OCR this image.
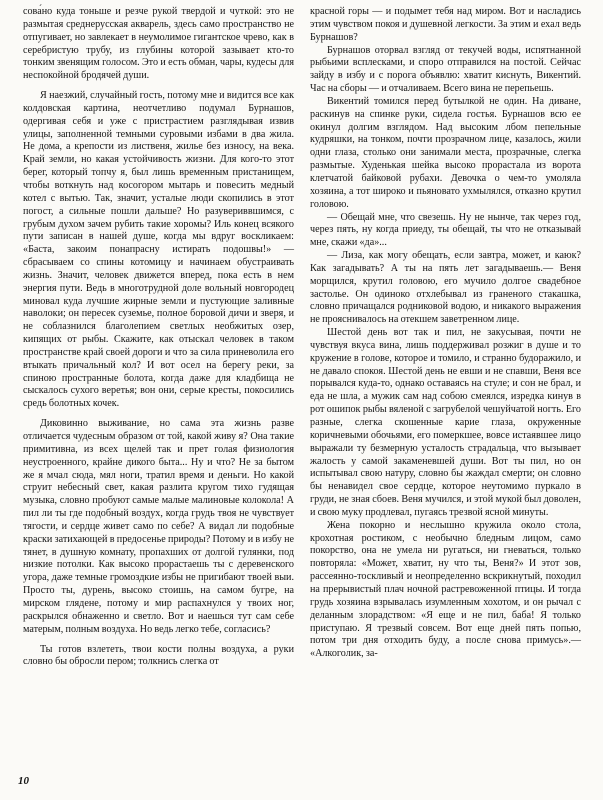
сова́но куда тоньше и резче рукой твердой и чуткой: это не размытая среднерусская акварель, здесь само пространство не отпугивает, но завлекает в неумолимое гигантское чрево, как в серебристую трубу, из глубины которой зазывает кто-то тонким звенящим голосом. Это и есть обман, чары, кудесы для неспокойной бродячей души.

Я наезжий, случайный гость, потому мне и видится все как колдовская картина, неотчетливо подумал Бурнашов, одергивая себя и уже с пристрастием разглядывая извив улицы, заполненной темными суровыми избами в два жила. Не дома, а крепости из лиственя, жилье без износу, на века. Край земли, но какая устойчивость жизни. Для кого-то этот берег, который топчу я, был лишь временным пристанищем, чтобы воткнуть над косогором мытарь и повесить медный котел с вытью. Так, значит, усталые люди скопились в этот погост, а сильные пошли дальше? Но разувериввшимся, с грубым духом зачем рубить такие хоромы? Иль конец всякого пути записан в нашей душе, когда мы вдруг воскликаем: «Баста, закоим понапрасну истирать подошвы!» — сбрасываем со спины котомицу и начинаем обустраивать жизнь. Значит, человек движется вперед, пока есть в нем энергия пути. Ведь в многотрудной доле вольный новгородец миновал куда лучшие жирные земли и пустующие заливные наволоки; он пересек суземье, полное боровой дичи и зверя, и не соблазнился благолепием светлых необжитых озер, кипящих от рыбы. Скажите, как отыскал человек в таком пространстве край своей дороги и что за сила приневолила его втыкать причальный кол? И вот осел на берегу реки, за спиною пространные болота, когда даже для кладбища не сыскалось сухого веретья; вон они, серые кресты, покосились средь болотных кочек.

Диковинно выживание, но сама эта жизнь разве отличается чудесным образом от той, какой живу я? Она такие примитивна, из всех щелей так и прет голая физиология неустроенного, крайне дикого быта... Ну и что? Не за бытом же я мчал сюда, мял ноги, тратил время и деньги. Но какой струит небесный свет, какая разлита кругом тихо гудящая музыка, словно пробуют самые малые малиновые колокола! А пил ли ты где подобный воздух, когда грудь твоя не чувствует тягости, и сердце живет само по себе? А видал ли подобные краски затихающей в предосенье природы? Потому и в избу не тянет, в душную комнату, пропахших от долгой гулянки, под низкие потолки. Как высоко прорастаешь ты с деревенского угора, даже темные громоздкие избы не пригибают твоей выи. Просто ты, дурень, высоко стоишь, на самом бугре, на мирском глядене, потому и мир распахнулся у твоих ног, раскрылся обнаженно и светло. Вот и наешься тут сам себе матерым, полным воздуха. Но ведь легко тебе, согласись?

Ты готов взлететь, твои кости полны воздуха, а руки словно бы обросли пером; толкнись слегка от

красной горы — и подымет тебя над миром. Вот и насладись этим чувством покоя и душевной легкости. За этим и ехал ведь Бурнашов?

Бурнашов оторвал взгляд от текучей воды, испятнанной рыбьими всплесками, и споро отправился на постой. Сейчас зайду в избу и с порога объявлю: хватит киснуть, Викентий. Час на сборы — и отчаливаем. Всего вина не перепьешь.

Викентий томился перед бутылкой не один. На диване, раскинув на спинке руки, сидела гостья. Бурнашов всю ее окинул долгим взглядом. Над высоким лбом пепельные кудряшки, на тонком, почти прозрачном лице, казалось, жили одни глаза, столько они занимали места, прозрачные, слегка размытые. Худенькая шейка высоко прорастала из ворота клетчатой байковой рубахи. Девочка о чем-то умоляла хозяина, а тот широко и пьяновато ухмылялся, отказно крутил головою.

— Обещай мне, что свезешь. Ну не нынче, так через год, через пять, ну когда приеду, ты обещай, ты что не отказывай мне, скажи «да»...

— Лиза, как могу обещать, если завтра, может, и каюк? Как загадывать? А ты на пять лет загадываешь.— Веня морщился, крутил головою, его мучило долгое свадебное застолье. Он одиноко отхлебывал из граненого стакашка, словно причащался родниковой водою, и никакого выражения не прояснивалось на отекшем заветренном лице.

Шестой день вот так и пил, не закусывая, почти не чувствуя вкуса вина, лишь поддерживал розжиг в душе и то кружение в голове, которое и томило, и странно будоражило, и не давало спокоя. Шестой день не евши и не спавши, Веня все порывался куда-то, однако оставаясь на стуле; и сон не брал, и еда не шла, а мужик сам над собою смеялся, изредка кинув в рот ошипок рыбы вяленой с загрубелой чешуйчатой ногть. Его разные, слегка скошенные карие глаза, окруженные коричневыми обочьями, его померкшее, вовсе истаявшее лицо выражали ту безмерную усталость страдальца, что вызывает жалость у самой закаменевшей души. Вот ты пил, но он испытывал свою натуру, словно бы жаждал смерти; он словно бы ненавидел свое сердце, которое неутомимо пуркало в груди, не зная сбоев. Веня мучился, и этой мукой был доволен, и свою муку продлевал, пугаясь трезвой ясной минуты.

Жена покорно и неслышно кружила около стола, крохотная ростиком, с необычно бледным лицом, само покорство, она не умела ни ругаться, ни гневаться, только повторяла: «Может, хватит, ну что ты, Веня?» И этот зов, рассеянно-тоскливый и неопределенно вскрикнутый, походил на прерывистый плач ночной растревоженной птицы. И тогда грудь хозяина взрывалась изумленным хохотом, и он рычал с деланным злорадством: «Я еще и не пил, баба! Я только приступаю. Я трезвый совсем. Вот еще дней пять попью, потом три дня отходить буду, а после снова примусь».— «Алкоголик, за-

10
